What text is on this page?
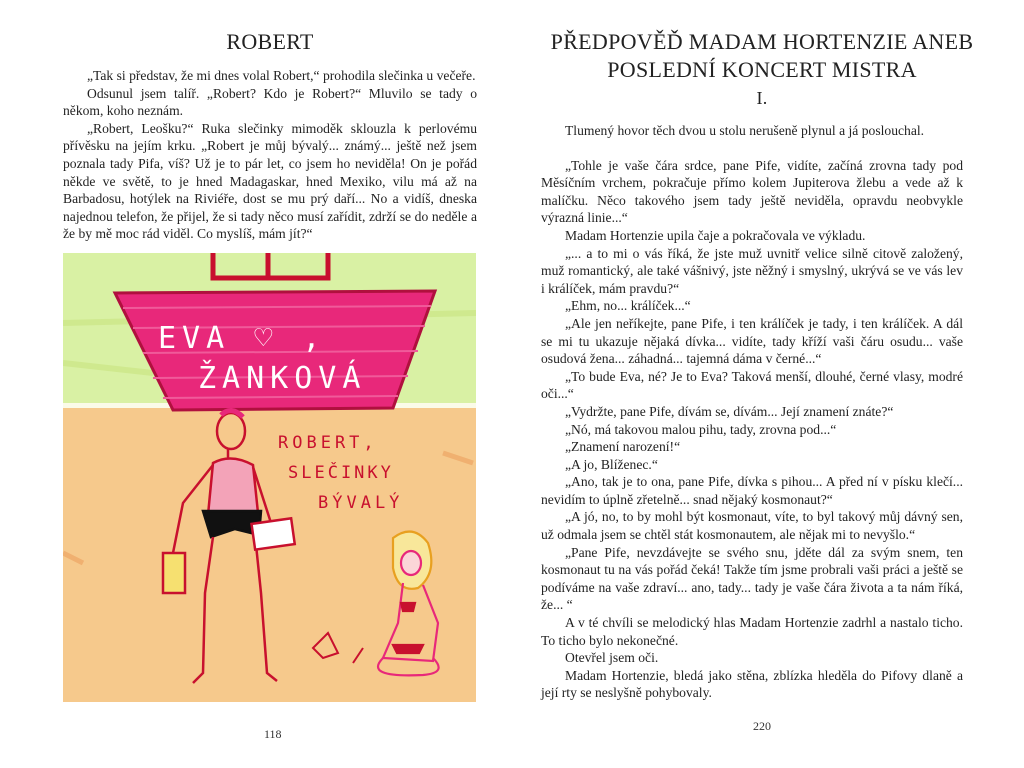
ROBERT

„Tak si představ, že mi dnes volal Robert,“ prohodila slečinka u večeře.

Odsunul jsem talíř. „Robert? Kdo je Robert?“ Mluvilo se tady o někom, koho neznám.

„Robert, Leošku?“ Ruka slečinky mimoděk sklouzla k perlovému přívěsku na jejím krku. „Robert je můj bývalý... známý... ještě než jsem poznala tady Pifa, víš? Už je to pár let, co jsem ho neviděla! On je pořád někde ve světě, to je hned Madagaskar, hned Mexiko, vilu má až na Barbadosu, hotýlek na Riviéře, dost se mu prý daří... No a vidíš, dneska najednou telefon, že přijel, že si tady něco musí zařídit, zdrží se do neděle a že by mě moc rád viděl. Co myslíš, mám jít?“

EVA ♡ ,
ŽANKOVÁ
ROBERT,
SLEČINKY
BÝVALÝ
118
PŘEDPOVĚĎ MADAM HORTENZIE ANEB
POSLEDNÍ KONCERT MISTRA
I.

Tlumený hovor těch dvou u stolu nerušeně plynul a já poslouchal.

„Tohle je vaše čára srdce, pane Pife, vidíte, začíná zrovna tady pod Měsíčním vrchem, pokračuje přímo kolem Jupiterova žlebu a vede až k malíčku. Něco takového jsem tady ještě neviděla, opravdu neobvykle výrazná linie...“

Madam Hortenzie upila čaje a pokračovala ve výkladu.

„... a to mi o vás říká, že jste muž uvnitř velice silně citově založený, muž romantický, ale také vášnivý, jste něžný i smyslný, ukrývá se ve vás lev i králíček, mám pravdu?“

„Ehm, no... králíček...“

„Ale jen neříkejte, pane Pife, i ten králíček je tady, i ten králíček. A dál se mi tu ukazuje nějaká dívka... vidíte, tady kříží vaši čáru osudu... vaše osudová žena... záhadná... tajemná dáma v černé...“

„To bude Eva, né? Je to Eva? Taková menší, dlouhé, černé vlasy, modré oči...“

„Vydržte, pane Pife, dívám se, dívám... Její znamení znáte?“

„Nó, má takovou malou pihu, tady, zrovna pod...“

„Znamení narození!“

„A jo, Blíženec.“

„Ano, tak je to ona, pane Pife, dívka s pihou... A před ní v písku klečí... nevidím to úplně zřetelně... snad nějaký kosmonaut?“

„A jó, no, to by mohl být kosmonaut, víte, to byl takový můj dávný sen, už odmala jsem se chtěl stát kosmonautem, ale nějak mi to nevyšlo.“

„Pane Pife, nevzdávejte se svého snu, jděte dál za svým snem, ten kosmonaut tu na vás pořád čeká! Takže tím jsme probrali vaši práci a ještě se podíváme na vaše zdraví... ano, tady... tady je vaše čára života a ta nám říká, že... “

A v té chvíli se melodický hlas Madam Hortenzie zadrhl a nastalo ticho. To ticho bylo nekonečné.

Otevřel jsem oči.

Madam Hortenzie, bledá jako stěna, zblízka hleděla do Pifovy dlaně a její rty se neslyšně pohybovaly.

220
